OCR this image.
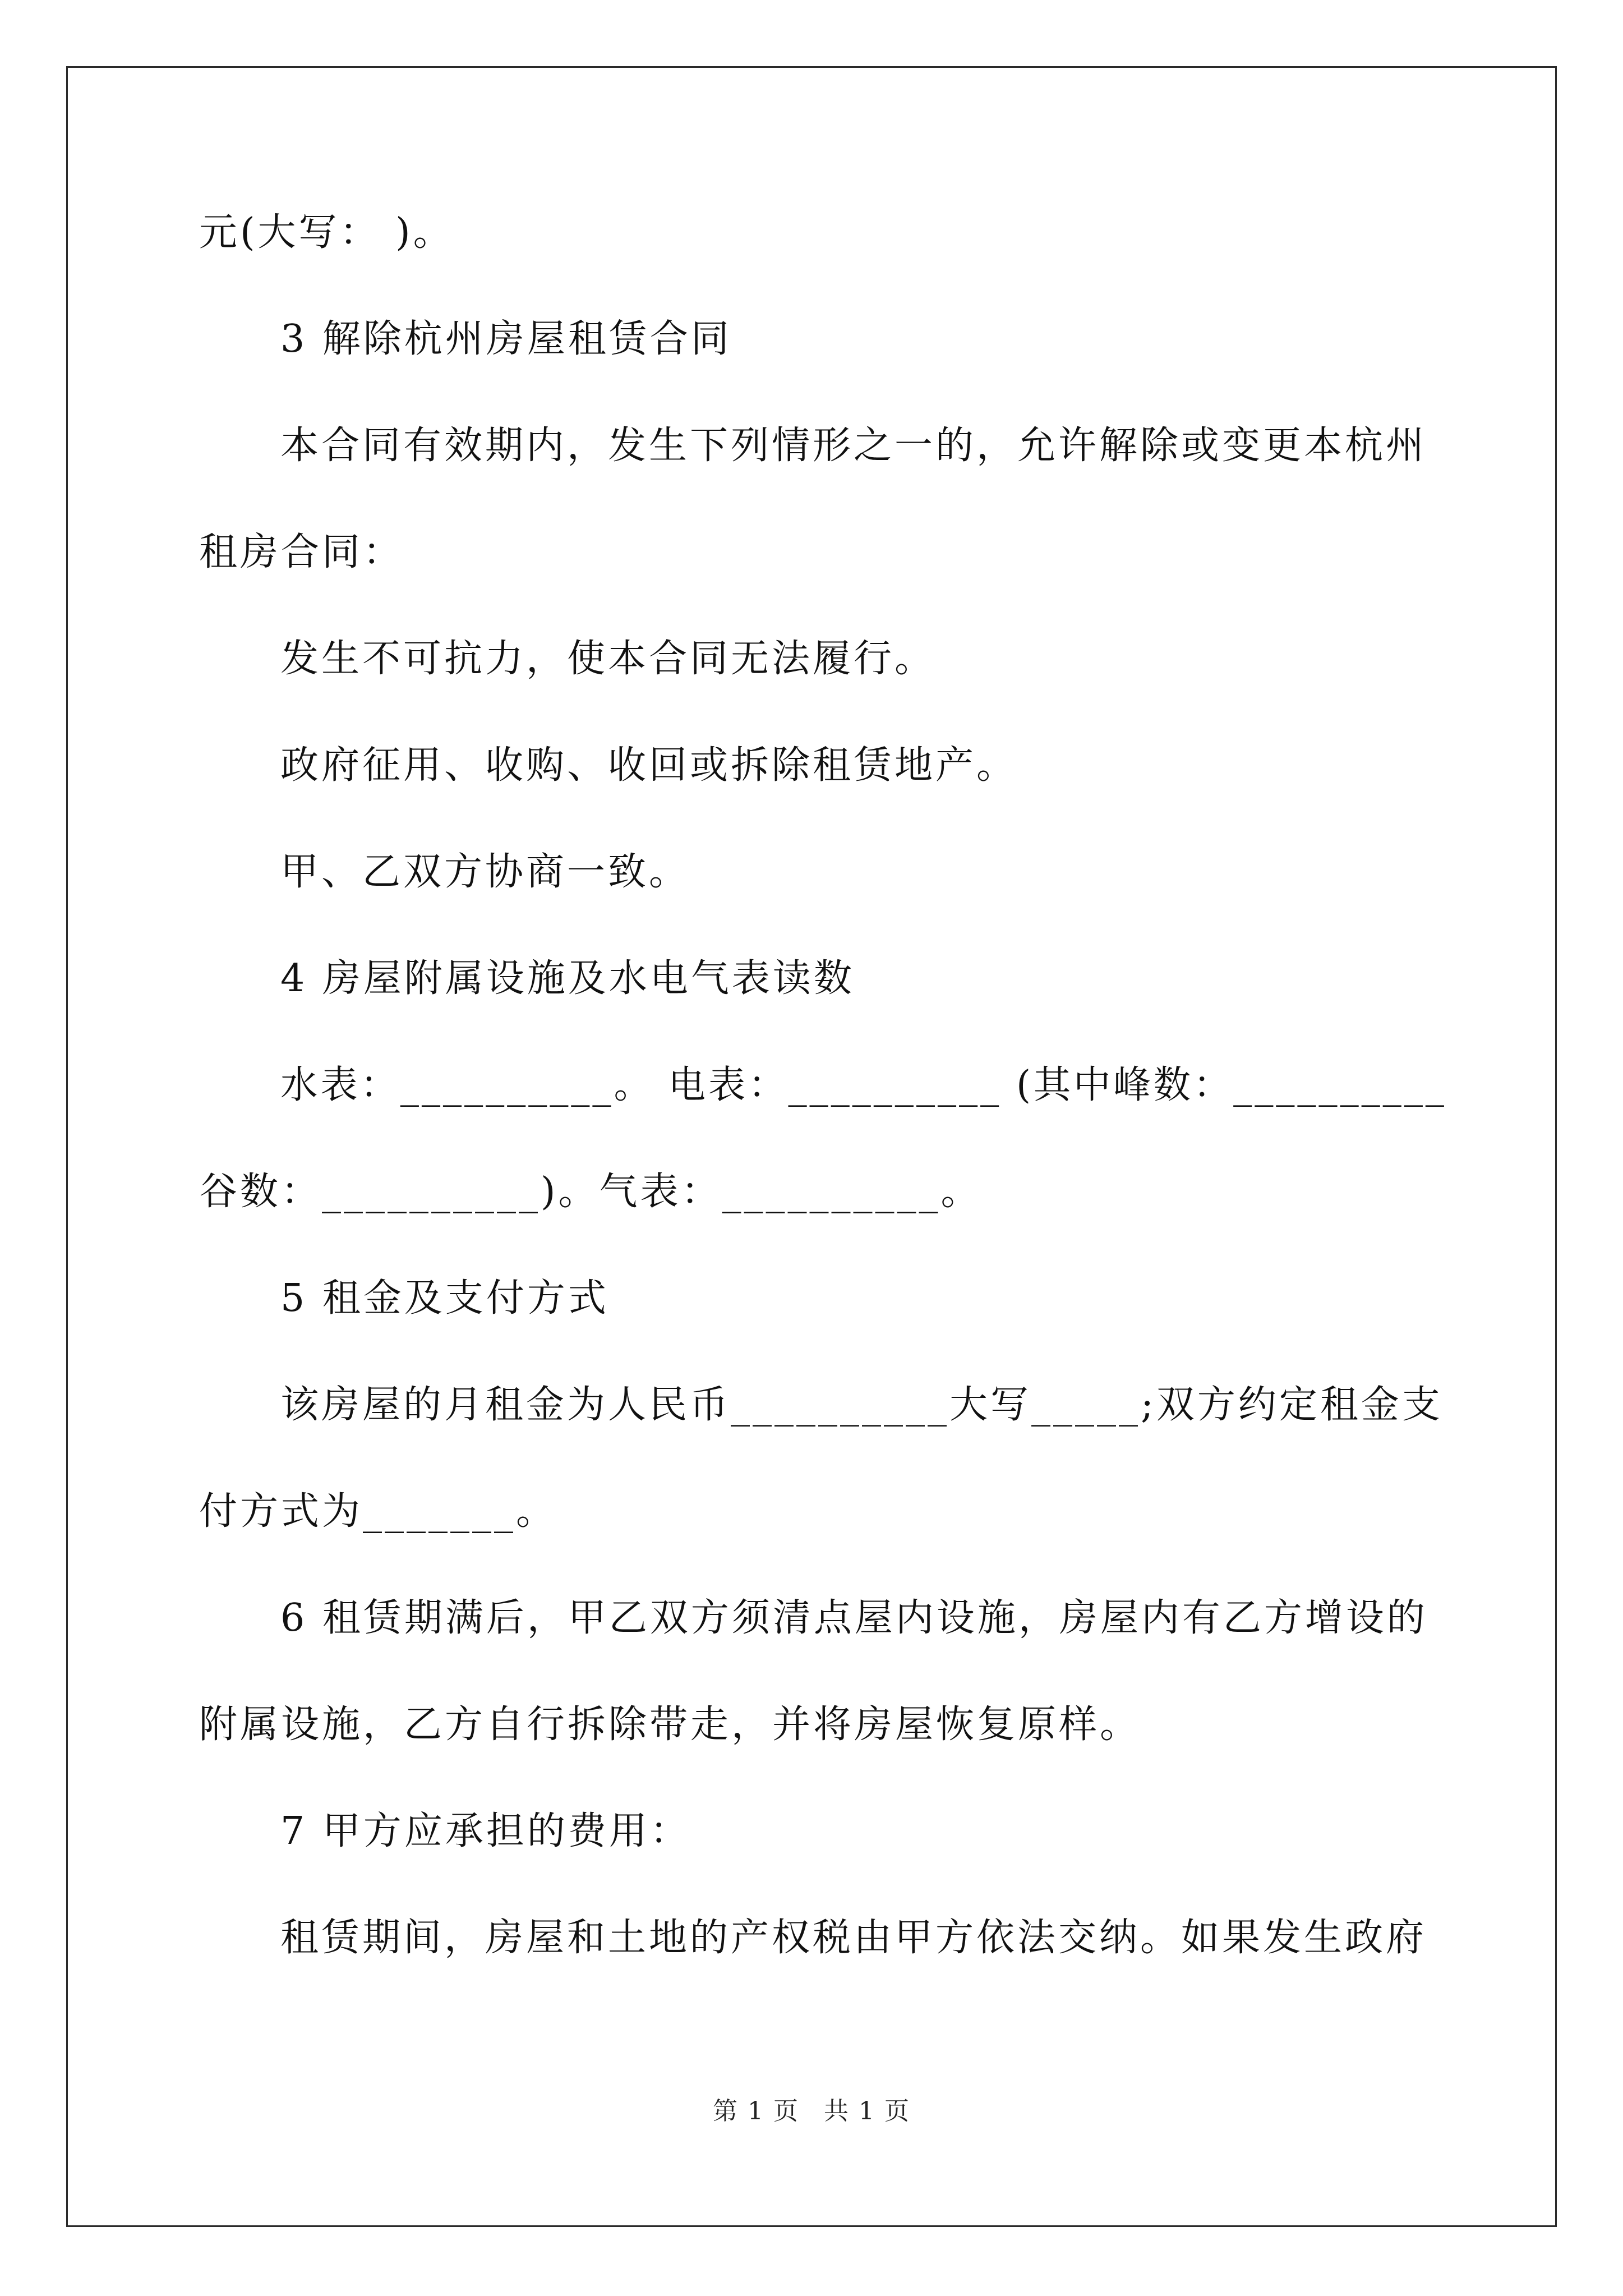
元(大写： )。
3 解除杭州房屋租赁合同
本合同有效期内，发生下列情形之一的，允许解除或变更本杭州
租房合同：
发生不可抗力，使本合同无法履行。
政府征用、收购、收回或拆除租赁地产。
甲、乙双方协商一致。
4 房屋附属设施及水电气表读数
水表：__________。 电表：__________ (其中峰数：__________
谷数：__________)。气表：__________。
5 租金及支付方式
该房屋的月租金为人民币__________大写_____;双方约定租金支
付方式为_______。
6 租赁期满后，甲乙双方须清点屋内设施，房屋内有乙方增设的
附属设施，乙方自行拆除带走，并将房屋恢复原样。
7 甲方应承担的费用：
租赁期间，房屋和土地的产权税由甲方依法交纳。如果发生政府
第 1 页 共 1 页
